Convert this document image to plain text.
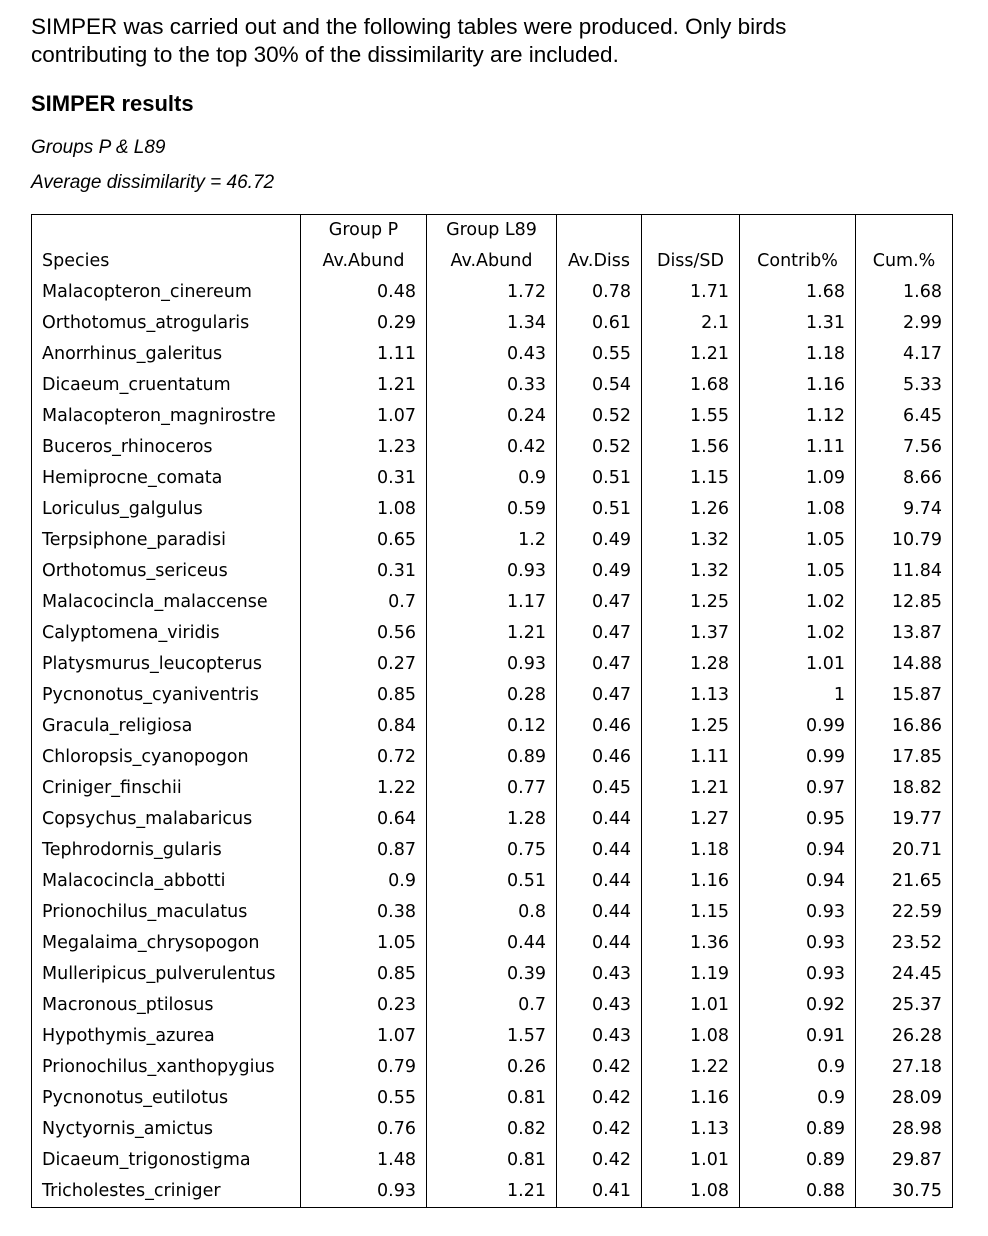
SIMPER was carried out and the following tables were produced. Only birds
contributing to the top 30% of the dissimilarity are included.
SIMPER results
Groups P & L89
Average dissimilarity = 46.72
	Group P	Group L89				
Species	Av.Abund	Av.Abund	Av.Diss	Diss/SD	Contrib%	Cum.%
Malacopteron_cinereum	0.48	1.72	0.78	1.71	1.68	1.68
Orthotomus_atrogularis	0.29	1.34	0.61	2.1	1.31	2.99
Anorrhinus_galeritus	1.11	0.43	0.55	1.21	1.18	4.17
Dicaeum_cruentatum	1.21	0.33	0.54	1.68	1.16	5.33
Malacopteron_magnirostre	1.07	0.24	0.52	1.55	1.12	6.45
Buceros_rhinoceros	1.23	0.42	0.52	1.56	1.11	7.56
Hemiprocne_comata	0.31	0.9	0.51	1.15	1.09	8.66
Loriculus_galgulus	1.08	0.59	0.51	1.26	1.08	9.74
Terpsiphone_paradisi	0.65	1.2	0.49	1.32	1.05	10.79
Orthotomus_sericeus	0.31	0.93	0.49	1.32	1.05	11.84
Malacocincla_malaccense	0.7	1.17	0.47	1.25	1.02	12.85
Calyptomena_viridis	0.56	1.21	0.47	1.37	1.02	13.87
Platysmurus_leucopterus	0.27	0.93	0.47	1.28	1.01	14.88
Pycnonotus_cyaniventris	0.85	0.28	0.47	1.13	1	15.87
Gracula_religiosa	0.84	0.12	0.46	1.25	0.99	16.86
Chloropsis_cyanopogon	0.72	0.89	0.46	1.11	0.99	17.85
Criniger_finschii	1.22	0.77	0.45	1.21	0.97	18.82
Copsychus_malabaricus	0.64	1.28	0.44	1.27	0.95	19.77
Tephrodornis_gularis	0.87	0.75	0.44	1.18	0.94	20.71
Malacocincla_abbotti	0.9	0.51	0.44	1.16	0.94	21.65
Prionochilus_maculatus	0.38	0.8	0.44	1.15	0.93	22.59
Megalaima_chrysopogon	1.05	0.44	0.44	1.36	0.93	23.52
Mulleripicus_pulverulentus	0.85	0.39	0.43	1.19	0.93	24.45
Macronous_ptilosus	0.23	0.7	0.43	1.01	0.92	25.37
Hypothymis_azurea	1.07	1.57	0.43	1.08	0.91	26.28
Prionochilus_xanthopygius	0.79	0.26	0.42	1.22	0.9	27.18
Pycnonotus_eutilotus	0.55	0.81	0.42	1.16	0.9	28.09
Nyctyornis_amictus	0.76	0.82	0.42	1.13	0.89	28.98
Dicaeum_trigonostigma	1.48	0.81	0.42	1.01	0.89	29.87
Tricholestes_criniger	0.93	1.21	0.41	1.08	0.88	30.75
